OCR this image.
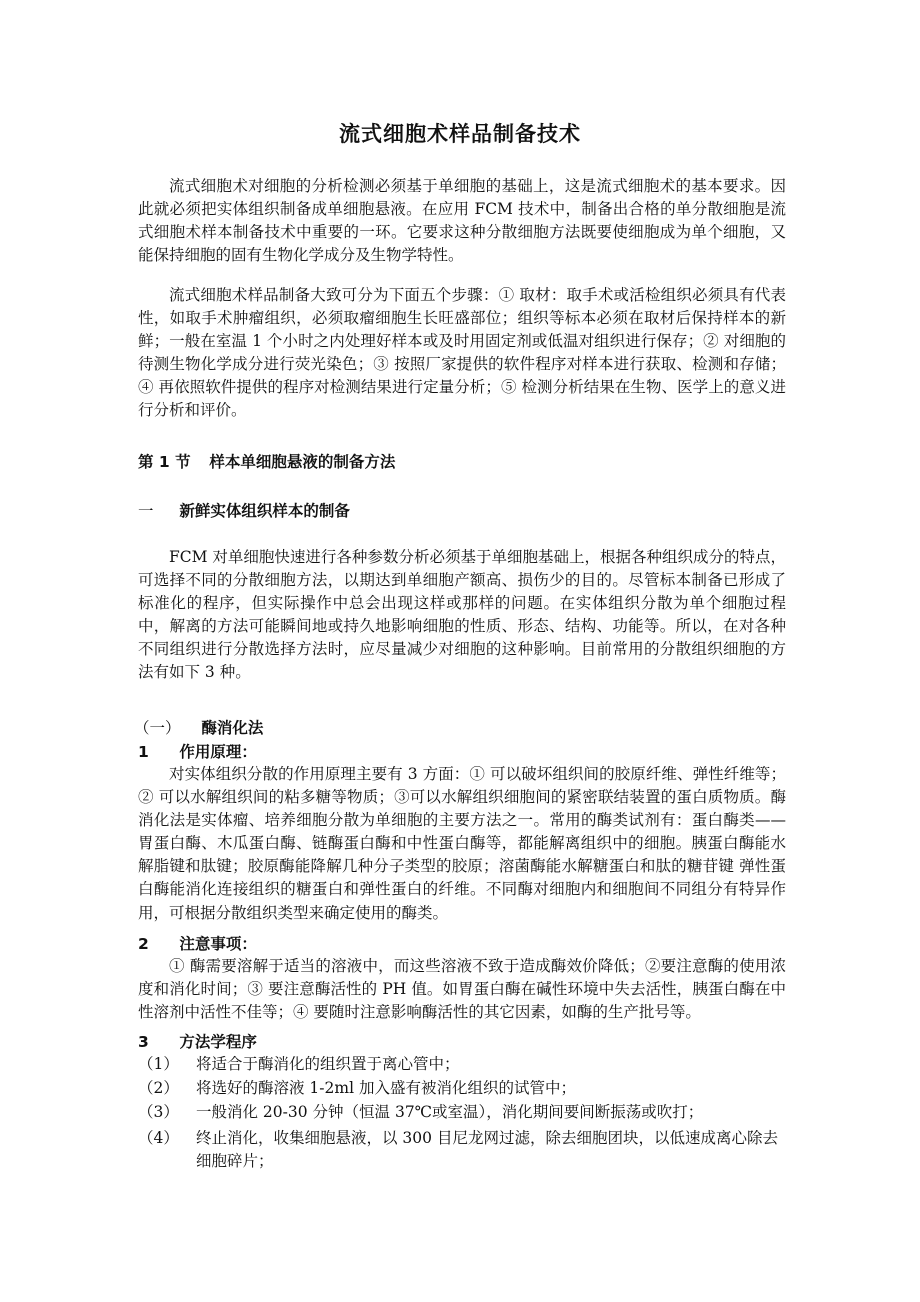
流式细胞术样品制备技术

流式细胞术对细胞的分析检测必须基于单细胞的基础上，这是流式细胞术的基本要求。因此就必须把实体组织制备成单细胞悬液。在应用 FCM 技术中，制备出合格的单分散细胞是流式细胞术样本制备技术中重要的一环。它要求这种分散细胞方法既要使细胞成为单个细胞，又能保持细胞的固有生物化学成分及生物学特性。

流式细胞术样品制备大致可分为下面五个步骤：① 取材：取手术或活检组织必须具有代表性，如取手术肿瘤组织，必须取瘤细胞生长旺盛部位；组织等标本必须在取材后保持样本的新鲜；一般在室温 1 个小时之内处理好样本或及时用固定剂或低温对组织进行保存；② 对细胞的待测生物化学成分进行荧光染色；③ 按照厂家提供的软件程序对样本进行获取、检测和存储；④ 再依照软件提供的程序对检测结果进行定量分析；⑤ 检测分析结果在生物、医学上的意义进行分析和评价。

第 1 节 样本单细胞悬液的制备方法
一 新鲜实体组织样本的制备

FCM 对单细胞快速进行各种参数分析必须基于单细胞基础上，根据各种组织成分的特点，可选择不同的分散细胞方法，以期达到单细胞产额高、损伤少的目的。尽管标本制备已形成了标准化的程序，但实际操作中总会出现这样或那样的问题。在实体组织分散为单个细胞过程中，解离的方法可能瞬间地或持久地影响细胞的性质、形态、结构、功能等。所以，在对各种不同组织进行分散选择方法时，应尽量减少对细胞的这种影响。目前常用的分散组织细胞的方法有如下 3 种。

（一） 酶消化法
1 作用原理：

对实体组织分散的作用原理主要有 3 方面：① 可以破坏组织间的胶原纤维、弹性纤维等；② 可以水解组织间的粘多糖等物质；③可以水解组织细胞间的紧密联结装置的蛋白质物质。酶消化法是实体瘤、培养细胞分散为单细胞的主要方法之一。常用的酶类试剂有：蛋白酶类——胃蛋白酶、木瓜蛋白酶、链酶蛋白酶和中性蛋白酶等，都能解离组织中的细胞。胰蛋白酶能水解脂键和肽键；胶原酶能降解几种分子类型的胶原；溶菌酶能水解糖蛋白和肽的糖苷键 弹性蛋白酶能消化连接组织的糖蛋白和弹性蛋白的纤维。不同酶对细胞内和细胞间不同组分有特异作用，可根据分散组织类型来确定使用的酶类。

2 注意事项：

① 酶需要溶解于适当的溶液中，而这些溶液不致于造成酶效价降低；②要注意酶的使用浓度和消化时间；③ 要注意酶活性的 PH 值。如胃蛋白酶在碱性环境中失去活性，胰蛋白酶在中性溶剂中活性不佳等；④ 要随时注意影响酶活性的其它因素，如酶的生产批号等。

3 方法学程序
（1） 将适合于酶消化的组织置于离心管中；
（2） 将选好的酶溶液 1-2ml 加入盛有被消化组织的试管中；
（3） 一般消化 20-30 分钟（恒温 37℃或室温），消化期间要间断振荡或吹打；
（4） 终止消化，收集细胞悬液，以 300 目尼龙网过滤，除去细胞团块，以低速成离心除去细胞碎片；
